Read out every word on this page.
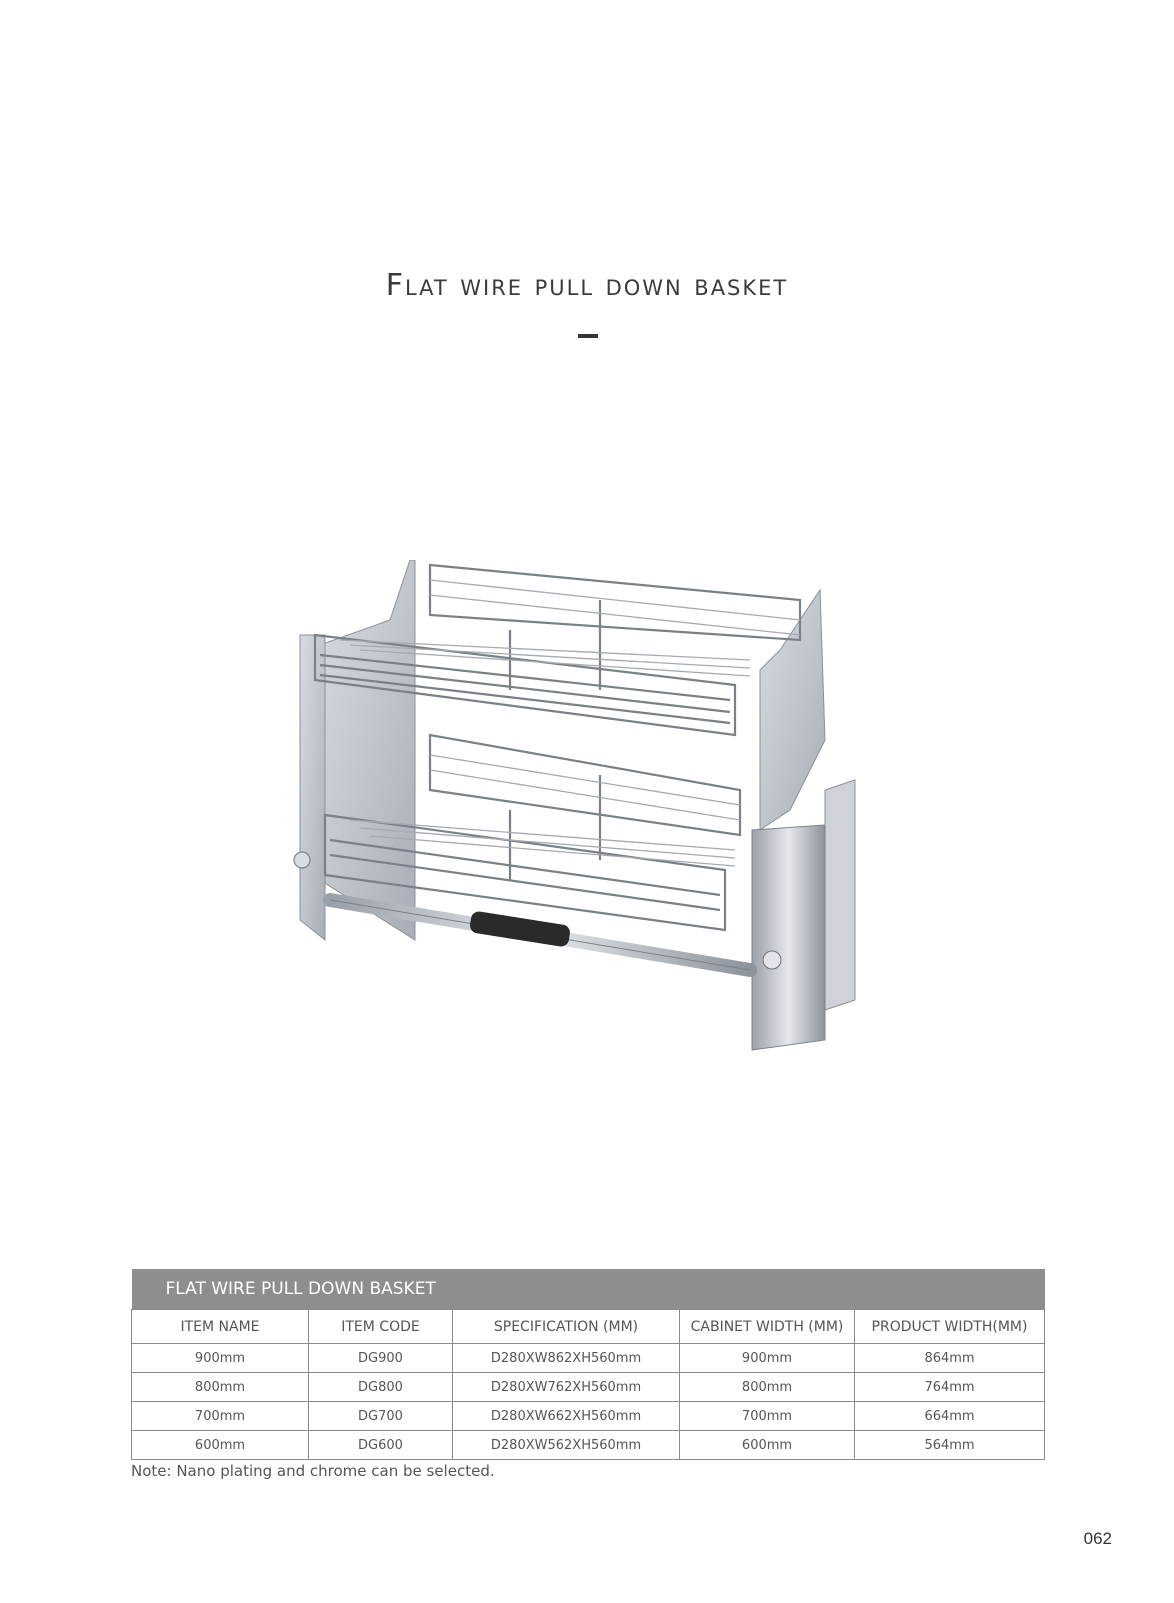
Flat wire pull down basket
FLAT WIRE PULL DOWN BASKET				
ITEM NAME	ITEM CODE	SPECIFICATION (MM)	CABINET WIDTH (MM)	PRODUCT WIDTH(MM)
900mm	DG900	D280XW862XH560mm	900mm	864mm
800mm	DG800	D280XW762XH560mm	800mm	764mm
700mm	DG700	D280XW662XH560mm	700mm	664mm
600mm	DG600	D280XW562XH560mm	600mm	564mm
Note: Nano plating and chrome can be selected.
062
